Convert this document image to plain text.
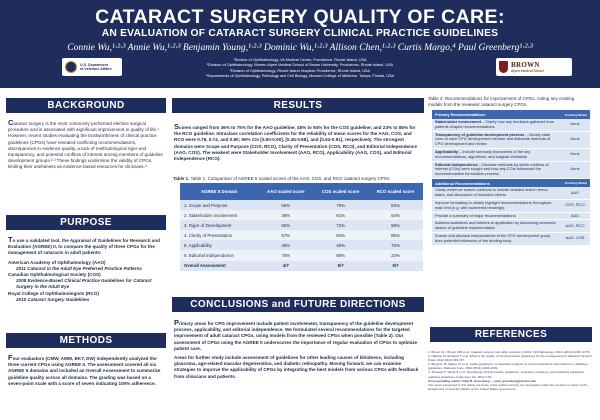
CATARACT SURGERY QUALITY OF CARE:
AN EVALUATION OF CATARACT SURGERY CLINICAL PRACTICE GUIDELINES
Connie Wu,¹·²·³ Annie Wu,¹·²·³ Benjamin Young,¹·²·³ Dominic Wu,¹·²·³ Allison Chen,¹·²·³ Curtis Margo,⁴ Paul Greenberg¹·²·³
¹Section of Ophthalmology, VA Medical Center, Providence, Rhode Island, USA
²Division of Ophthalmology, Warren Alpert Medical School of Brown University, Providence, Rhode Island, USA
³Division of Ophthalmology, Rhode Island Hospital, Providence, Rhode Island, USA
⁴Departments of Ophthalmology, Pathology and Cell Biology, Morsani College of Medicine, Tampa, Florida, USA
U.S. Department
of Veterans Affairs
BROWN
Alpert Medical School
BACKGROUND
Cataract surgery is the most commonly performed elective surgical procedure and is associated with significant improvement in quality of life.¹ However, recent studies evaluating the trustworthiness of clinical practice guidelines (CPGs) have revealed conflicting recommendations, discrepancies in evidence quality, a lack of methodological rigor and transparency, and potential conflicts of interest among members of guideline development groups.²·³ These findings undermine the validity of CPGs, limiting their usefulness as evidence-based resources for clinicians.⁴
PURPOSE

To use a validated tool, the Appraisal of Guidelines for Research and Evaluation (AGREE) II, to compare the quality of three CPGs for the management of cataracts in adult patients:

American Academy of Ophthalmology (AAO)
2011 Cataract in the Adult Eye Preferred Practice Patterns
Canadian Ophthalmological Society (COS)
2008 Evidence-Based Clinical Practice Guidelines for Cataract Surgery in the Adult Eye
Royal College of Ophthalmologists (RCO)
2010 Cataract Surgery Guidelines
METHODS
Four evaluators (CMW, AMW, BKY, DW) independently analyzed the three current CPGs using AGREE II. The assessment covered all six AGREE II domains and included an Overall Assessment to summarize guideline quality across all domains. The grading was based on a seven-point scale with a score of seven indicating 100% adherence.
RESULTS
Scores ranged from 36% to 75% for the AAO guideline; 45% to 94% for the COS guideline; and 23% to 85% for the RCO guideline. Intraclass correlation coefficients for the reliability of mean scores for the AAO, COS, and RCO were 0.78, 0.74, and 0.80; 95% CIs [0.60-0.90], [0.45-0.88], and [0.53-0.91], respectively. The strongest domains were Scope and Purpose (COS, RCO), Clarity of Presentation (COS, RCO), and Editorial Independence (AAO, COS). The weakest were Stakeholder Involvement (AAO, RCO), Applicability (AAO, COS), and Editorial Independence (RCO).
Table 1. Table 1. Comparison of AGREE II scaled scores of the AAO, COS, and RCO cataract surgery CPGs.
AGREE II Domain	AAO scaled score	COS scaled score	RCO scaled score
1. Scope and Purpose	56%	79%	83%
2. Stakeholder Involvement	36%	61%	64%
3. Rigor of Development	55%	72%	58%
4. Clarity of Presentation	67%	94%	85%
5. Applicability	49%	45%	70%
6. Editorial Independence	75%	85%	23%
Overall Assessment	4/7	5/7	5/7
CONCLUSIONS and FUTURE DIRECTIONS

Primary areas for CPG improvement include patient involvement, transparency of the guideline development process, applicability, and editorial independence. We formulated several recommendations for the targeted improvement of adult cataract CPGs, using models from the reviewed CPGs when possible (Table 2). Our assessment of CPGs using the AGREE II underscores the importance of regular evaluation of CPGs to optimize patient care.

Areas for further study include assessment of guidelines for other leading causes of blindness, including glaucoma, age-related macular degeneration, and diabetic retinopathy. Moving forward, we can examine strategies to improve the applicability of CPGs by integrating the best models from various CPGs with feedback from clinicians and patients.

Table 2. Recommendations for improvement of CPGs, noting any existing models from the reviewed cataract surgery CPGs.
Primary Recommendations	Existing Model
Stakeholder involvement – Clarify how any feedback gathered from patients shaped recommendations	None
Transparency of guideline development process – Clearly state roles of each CPG development member and delineate methods of CPG development and review	None
Applicability – Include summary documents of the key recommendations, algorithms, and surgical checklists	None
Editorial independence – Disclose methods by which conflicts of interest (COIs) were sought and how any COIs influenced the recommendation formulation process	None
Additional Recommendations	Existing Model
Clarify evidence search methods to include detailed search terms, dates, and discussion of inclusion criteria	AAO
Improve formatting to clearly highlight recommendations throughout main text (e.g. with numbered headings)	COS, RCO
Provide a summary of major recommendations	AAO
Address facilitators and barriers to application by discussing economic factors of guideline implementation	AAO, RCO
Ensure and disclose independence of the CPG development group from potential influences of the funding body	AAO, COS
REFERENCES
1. Brown GC, Brown MM et al. Cataract surgery cost utility revisited in 2012. Ophthalmology. 2013;120(12):2367-2376.
2. Nabhan M, Elraiyah T et al. What is the quality of clinical practice guidelines for the management of diabetes? Endocr Pract. 2012;18(3):330-337.
3. Burgers JS, Bailey JV et al. Inside guidelines: comparative analysis of recommendations and evidence in diabetes guidelines. Diabetes Care. 2002;25(11):1933-1939.
4. Shekelle P, Woolf S et al. Developing clinical practice guidelines: reviewing, reporting, and publishing guidelines; updating guidelines. Implement Sci. 2012;7:62.
Corresponding author: Paul B. Greenberg — paul_greenberg@brown.edu
The views expressed in this article are those of the authors and do not necessarily reflect the position or policy of the Department of Veterans Affairs or the United States government.
